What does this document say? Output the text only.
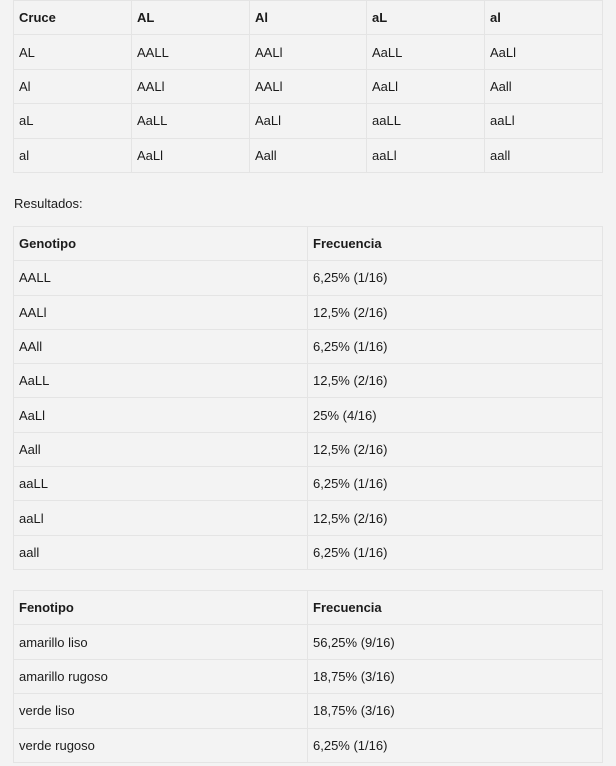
Cruce	AL	Al	aL	al
AL	AALL	AALl	AaLL	AaLl
Al	AALl	AALl	AaLl	Aall
aL	AaLL	AaLl	aaLL	aaLl
al	AaLl	Aall	aaLl	aall
Resultados:
Genotipo	Frecuencia
AALL	6,25% (1/16)
AALl	12,5% (2/16)
AAll	6,25% (1/16)
AaLL	12,5% (2/16)
AaLl	25% (4/16)
Aall	12,5% (2/16)
aaLL	6,25% (1/16)
aaLl	12,5% (2/16)
aall	6,25% (1/16)
Fenotipo	Frecuencia
amarillo liso	56,25% (9/16)
amarillo rugoso	18,75% (3/16)
verde liso	18,75% (3/16)
verde rugoso	6,25% (1/16)
